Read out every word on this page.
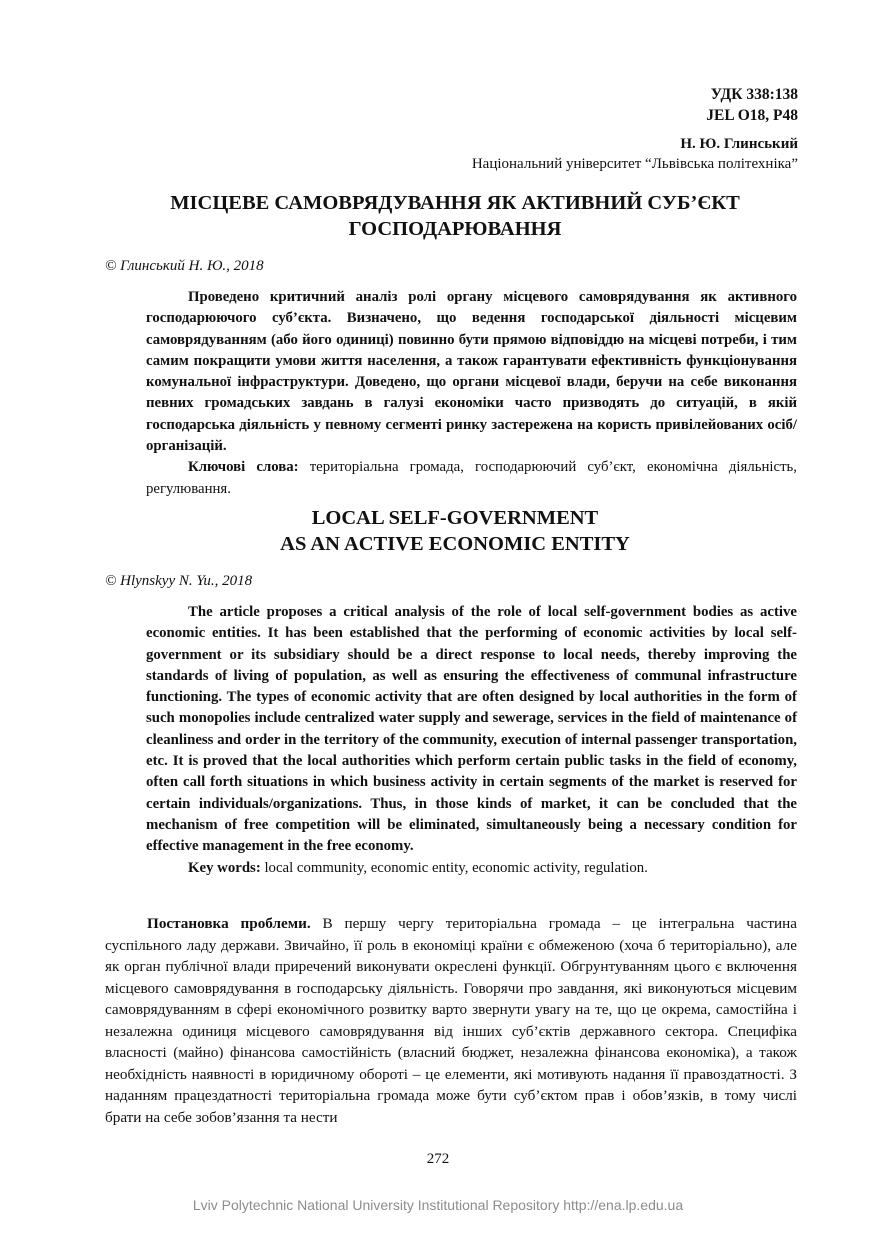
УДК 338:138
JEL O18, P48
Н. Ю. Глинський
Національний університет “Львівська політехніка”
МІСЦЕВЕ САМОВРЯДУВАННЯ ЯК АКТИВНИЙ СУБ’ЄКТ
ГОСПОДАРЮВАННЯ
© Глинський Н. Ю., 2018

Проведено критичний аналіз ролі органу місцевого самоврядування як активного господарюючого суб’єкта. Визначено, що ведення господарської діяльності місцевим самоврядуванням (або його одиниці) повинно бути прямою відповіддю на місцеві потреби, і тим самим покращити умови життя населення, а також гарантувати ефективність функціонування комунальної інфраструктури. Доведено, що органи місцевої влади, беручи на себе виконання певних громадських завдань в галузі економіки часто призводять до ситуацій, в якій господарська діяльність у певному сегменті ринку застережена на користь привілейованих осіб/організацій.

Ключові слова: територіальна громада, господарюючий суб’єкт, економічна діяльність, регулювання.

LOCAL SELF-GOVERNMENT
AS AN ACTIVE ECONOMIC ENTITY
© Hlynskyy N. Yu., 2018

The article proposes a critical analysis of the role of local self-government bodies as active economic entities. It has been established that the performing of economic activities by local self-government or its subsidiary should be a direct response to local needs, thereby improving the standards of living of population, as well as ensuring the effectiveness of communal infrastructure functioning. The types of economic activity that are often designed by local authorities in the form of such monopolies include centralized water supply and sewerage, services in the field of maintenance of cleanliness and order in the territory of the community, execution of internal passenger transportation, etc. It is proved that the local authorities which perform certain public tasks in the field of economy, often call forth situations in which business activity in certain segments of the market is reserved for certain individuals/organizations. Thus, in those kinds of market, it can be concluded that the mechanism of free competition will be eliminated, simultaneously being a necessary condition for effective management in the free economy.

Key words: local community, economic entity, economic activity, regulation.

Постановка проблеми. В першу чергу територіальна громада – це інтегральна частина суспільного ладу держави. Звичайно, її роль в економіці країни є обмеженою (хоча б територіально), але як орган публічної влади приречений виконувати окреслені функції. Обгрунтуванням цього є включення місцевого самоврядування в господарську діяльність. Говорячи про завдання, які виконуються місцевим самоврядуванням в сфері економічного розвитку варто звернути увагу на те, що це окрема, самостійна і незалежна одиниця місцевого самоврядування від інших суб’єктів державного сектора. Специфіка власності (майно) фінансова самостійність (власний бюджет, незалежна фінансова економіка), а також необхідність наявності в юридичному обороті – це елементи, які мотивують надання її правоздатності. З наданням працездатності територіальна громада може бути суб’єктом прав і обов’язків, в тому числі брати на себе зобов’язання та нести

272
Lviv Polytechnic National University Institutional Repository http://ena.lp.edu.ua
